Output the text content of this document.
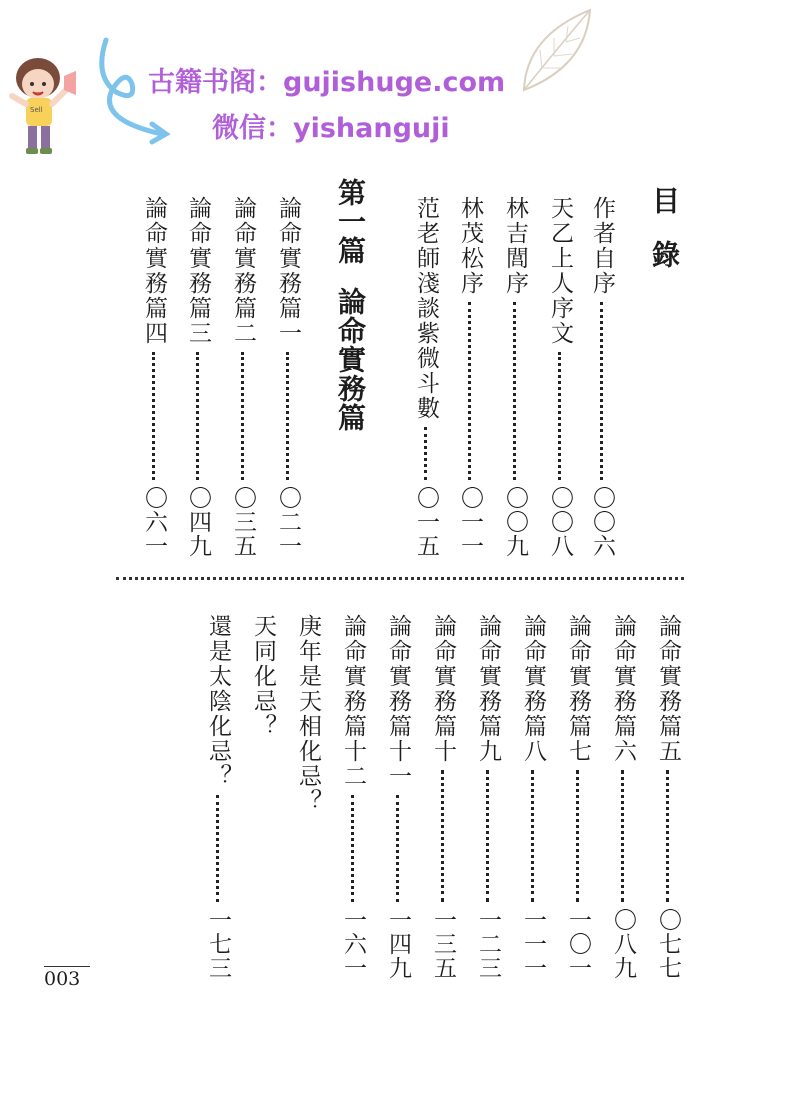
Sell
古籍书阁：gujishuge.com
微信：yishanguji
目錄
作者自序
〇〇六
天乙上人序文
〇〇八
林吉閭序
〇〇九
林茂松序
〇一一
范老師淺談紫微斗數
〇一五
第一篇論命實務篇
論命實務篇一
〇二一
論命實務篇二
〇三五
論命實務篇三
〇四九
論命實務篇四
〇六一
論命實務篇五
〇七七
論命實務篇六
〇八九
論命實務篇七
一〇一
論命實務篇八
一一一
論命實務篇九
一二三
論命實務篇十
一三五
論命實務篇十一
一四九
論命實務篇十二
一六一
庚年是天相化忌？
天同化忌？
還是太陰化忌？
一七三
003
